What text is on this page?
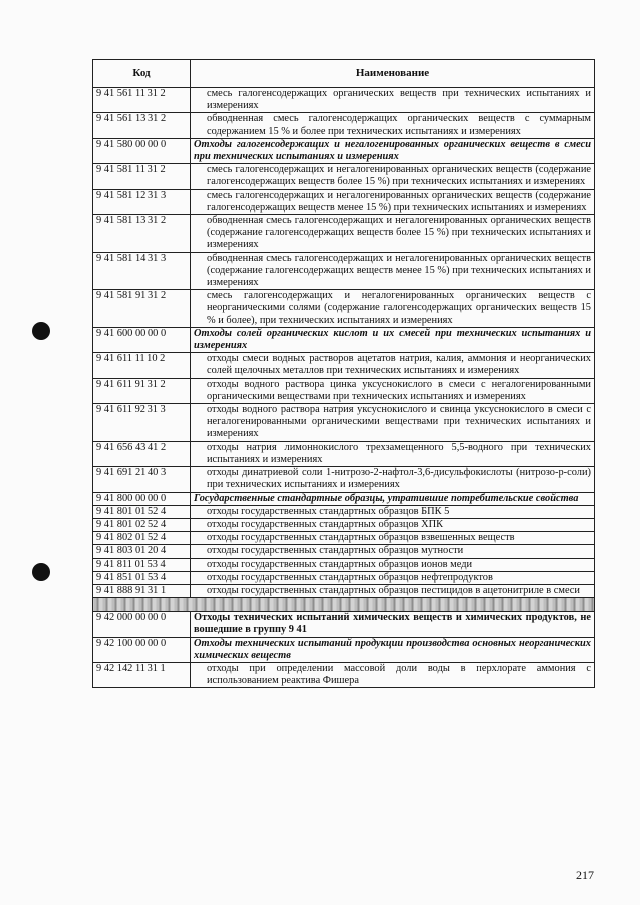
Код	Наименование
9 41 561 11 31 2	смесь галогенсодержащих органических веществ при технических испытаниях и измерениях
9 41 561 13 31 2	обводненная смесь галогенсодержащих органических веществ с суммарным содержанием 15 % и более при технических испытаниях и измерениях
9 41 580 00 00 0	Отходы галогенсодержащих и негалогенированных органических веществ в смеси при технических испытаниях и измерениях
9 41 581 11 31 2	смесь галогенсодержащих и негалогенированных органических веществ (содержание галогенсодержащих веществ более 15 %) при технических испытаниях и измерениях
9 41 581 12 31 3	смесь галогенсодержащих и негалогенированных органических веществ (содержание галогенсодержащих веществ менее 15 %) при технических испытаниях и измерениях
9 41 581 13 31 2	обводненная смесь галогенсодержащих и негалогенированных органических веществ (содержание галогенсодержащих веществ более 15 %) при технических испытаниях и измерениях
9 41 581 14 31 3	обводненная смесь галогенсодержащих и негалогенированных органических веществ (содержание галогенсодержащих веществ менее 15 %) при технических испытаниях и измерениях
9 41 581 91 31 2	смесь галогенсодержащих и негалогенированных органических веществ с неорганическими солями (содержание галогенсодержащих органических веществ 15 % и более), при технических испытаниях и измерениях
9 41 600 00 00 0	Отходы солей органических кислот и их смесей при технических испытаниях и измерениях
9 41 611 11 10 2	отходы смеси водных растворов ацетатов натрия, калия, аммония и неорганических солей щелочных металлов при технических испытаниях и измерениях
9 41 611 91 31 2	отходы водного раствора цинка уксуснокислого в смеси с негалогенированными органическими веществами при технических испытаниях и измерениях
9 41 611 92 31 3	отходы водного раствора натрия уксуснокислого и свинца уксуснокислого в смеси с негалогенированными органическими веществами при технических испытаниях и измерениях
9 41 656 43 41 2	отходы натрия лимоннокислого трехзамещенного 5,5-водного при технических испытаниях и измерениях
9 41 691 21 40 3	отходы динатриевой соли 1-нитрозо-2-нафтол-3,6-дисульфокислоты (нитрозо-р-соли) при технических испытаниях и измерениях
9 41 800 00 00 0	Государственные стандартные образцы, утратившие потребительские свойства
9 41 801 01 52 4	отходы государственных стандартных образцов БПК 5
9 41 801 02 52 4	отходы государственных стандартных образцов ХПК
9 41 802 01 52 4	отходы государственных стандартных образцов взвешенных веществ
9 41 803 01 20 4	отходы государственных стандартных образцов мутности
9 41 811 01 53 4	отходы государственных стандартных образцов ионов меди
9 41 851 01 53 4	отходы государственных стандартных образцов нефтепродуктов
9 41 888 91 31 1	отходы государственных стандартных образцов пестицидов в ацетонитриле в смеси

9 42 000 00 00 0	Отходы технических испытаний химических веществ и химических продуктов, не вошедшие в группу 9 41
9 42 100 00 00 0	Отходы технических испытаний продукции производства основных неорганических химических веществ
9 42 142 11 31 1	отходы при определении массовой доли воды в перхлорате аммония с использованием реактива Фишера
217
